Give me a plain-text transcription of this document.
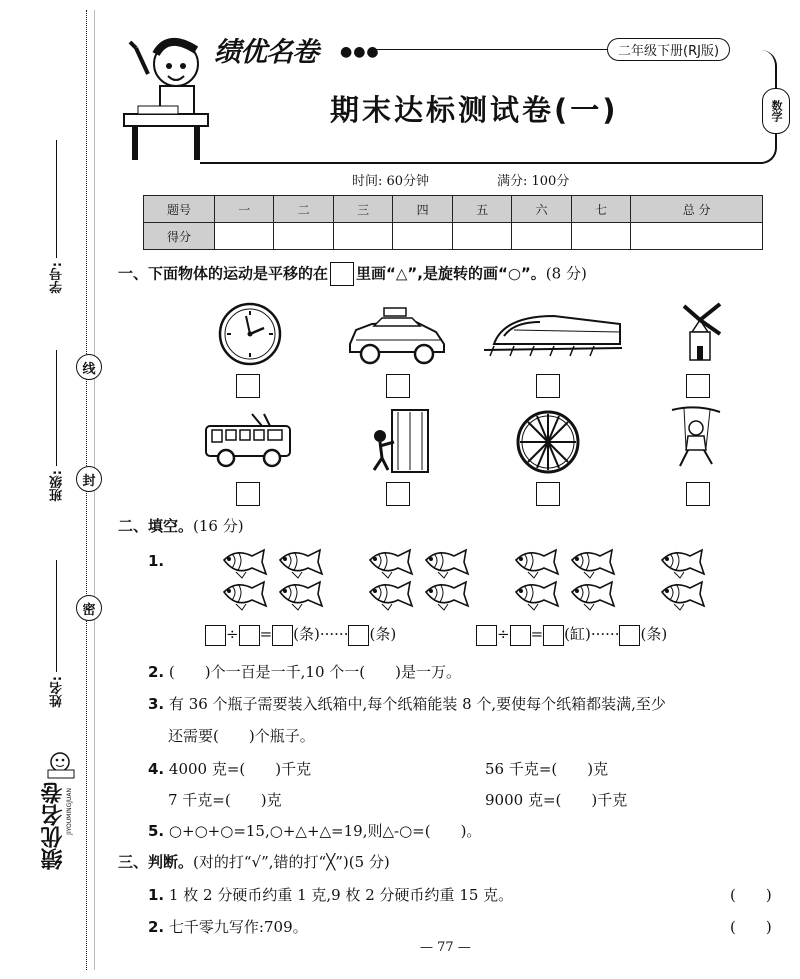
学号:
班级:
姓名:
线
封
密
绩优名卷 JIYOUMINGJUAN
绩优名卷 ●●●	二年级下册(RJ版)
数学
期末达标测试卷(一)
时间: 60分钟	满分: 100分
题号	一	二	三	四	五	六	七	总 分
得分								
一、下面物体的运动是平移的在 里画“△”,是旋转的画“○”。(8 分)
二、填空。(16 分)
1.
÷ = (条)······ (条)	÷ = (缸)······ (条)
2. (　　)个一百是一千,10 个一(　　)是一万。
3. 有 36 个瓶子需要装入纸箱中,每个纸箱能装 8 个,要使每个纸箱都装满,至少
还需要(　　)个瓶子。
4. 4000 克=(　　)千克	56 千克=(　　)克
7 千克=(　　)克	9000 克=(　　)千克
5. ○+○+○=15,○+△+△=19,则△-○=(　　)。
三、判断。(对的打“√”,错的打“╳”)(5 分)
1. 1 枚 2 分硬币约重 1 克,9 枚 2 分硬币约重 15 克。	(　　)
2. 七千零九写作:709。	(　　)
— 77 —
